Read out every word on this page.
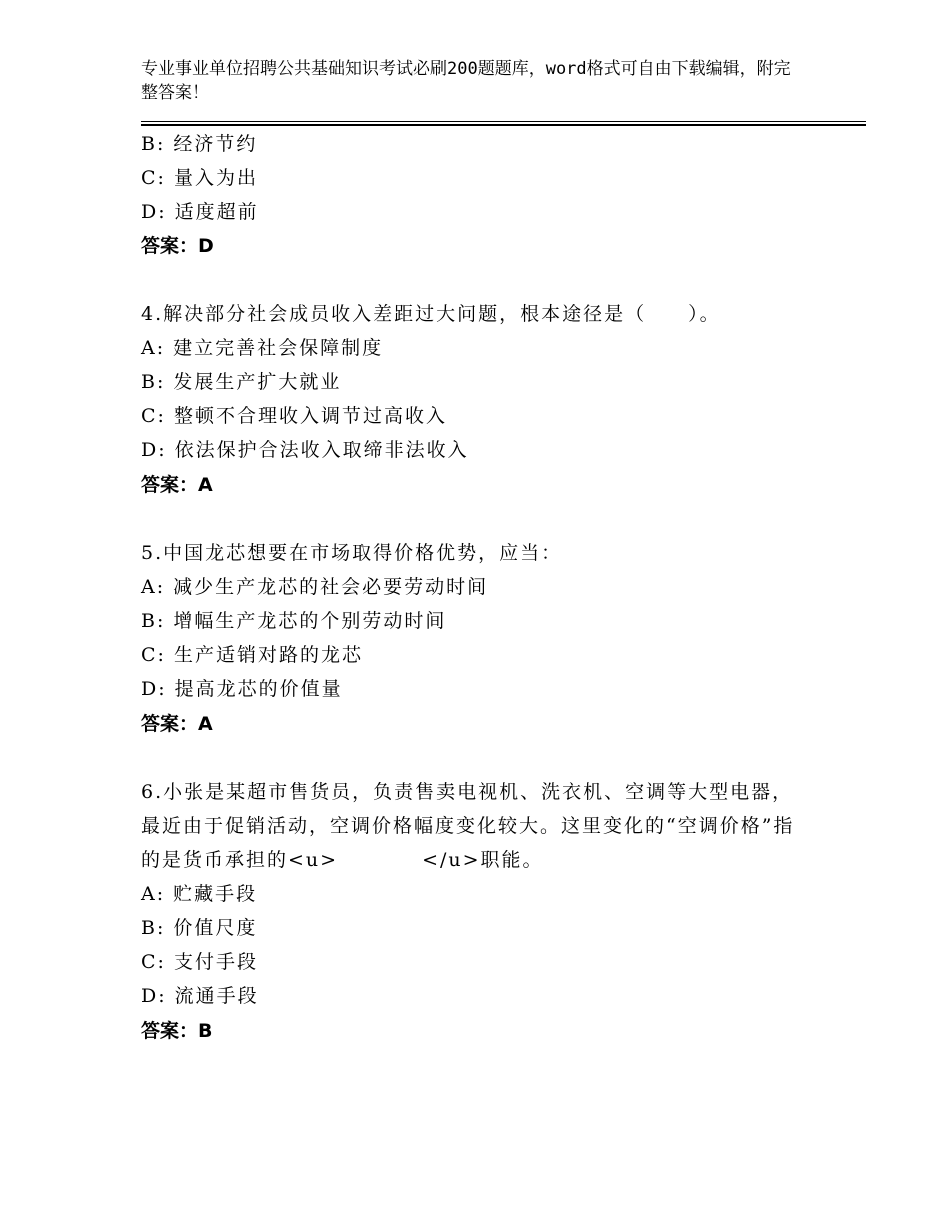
专业事业单位招聘公共基础知识考试必刷200题题库，word格式可自由下载编辑，附完整答案！
B: 经济节约
C: 量入为出
D: 适度超前
答案：D
4.解决部分社会成员收入差距过大问题，根本途径是（　　）。
A: 建立完善社会保障制度
B: 发展生产扩大就业
C: 整顿不合理收入调节过高收入
D: 依法保护合法收入取缔非法收入
答案：A
5.中国龙芯想要在市场取得价格优势，应当：
A: 减少生产龙芯的社会必要劳动时间
B: 增幅生产龙芯的个别劳动时间
C: 生产适销对路的龙芯
D: 提高龙芯的价值量
答案：A
6.小张是某超市售货员，负责售卖电视机、洗衣机、空调等大型电器，最近由于促销活动，空调价格幅度变化较大。这里变化的“空调价格”指的是货币承担的<u>　　　　</u>职能。
A: 贮藏手段
B: 价值尺度
C: 支付手段
D: 流通手段
答案：B
